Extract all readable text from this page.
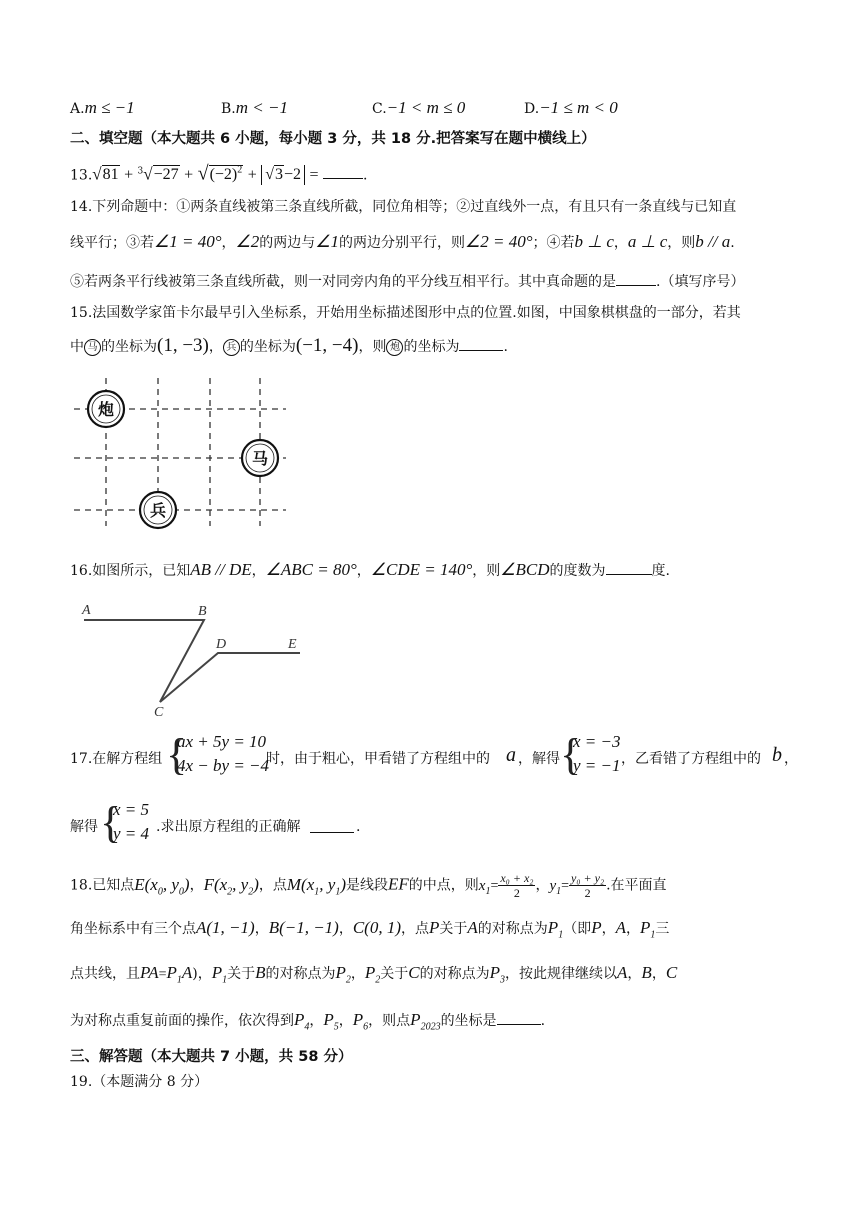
A.m ≤ −1	B.m < −1	C.−1 < m ≤ 0	D.−1 ≤ m < 0
二、填空题（本大题共 6 小题，每小题 3 分，共 18 分.把答案写在题中横线上）
$13.√81 + ^3√-27 + √(-2)^2 + √3-2$ =	.
14.下列命题中：①两条直线被第三条直线所截，同位角相等；②过直线外一点，有且只有一条直线与已知直
线平行；③若∠1 = 40°，∠2的两边与∠1的两边分别平行，则∠2 = 40°；④若b ⊥ c，a ⊥ c，则b // a.
⑤若两条平行线被第三条直线所截，则一对同旁内角的平分线互相平行。其中真命题的是	.（填写序号）
15.法国数学家笛卡尔最早引入坐标系，开始用坐标描述图形中点的位置.如图，中国象棋棋盘的一部分，若其
中 马 的坐标为(1, −3)， 兵 的坐标为(−1, −4)，则 炮 的坐标为	.
炮
马
兵
16.如图所示，已知AB // DE，∠ABC = 80°，∠CDE = 140°，则∠BCD的度数为	度.
A	B
C
D	E
17.在解方程组 {
ax + 5y = 10
4x − by = −4
时，由于粗心，甲看错了方程组中的 a ，解得 {
x = −3
y = −1 ，乙看错了方程组中的 b ，
解得 {
x = 5
y = 4 .求出原方程组的正确解	.
18.已知点$E(x_0$, $y_0$)，$F(x_2$, $y_2$)，点$M(x_1$, $y_1$)是线段EF的中点，则$x_1= \frac{\text{x₀ + x₂}}{2}$ ，$y_1= \frac{\text{y₀ + y₂}}{2}$ .在平面直
角坐标系中有三个点A(1, −1)，B(−1, −1)，C(0, 1)，点P关于A的对称点为$P_1$（即P，A，$P_1$三
点共线，且$PA=P_1A$)，$P_1$关于B的对称点为$P_2$，$P_2$关于C的对称点为$P_3$，按此规律继续以A，B，C
为对称点重复前面的操作，依次得到$P_4$，$P_5$，$P_6$，则点$P_{2023}$的坐标是	.
三、解答题（本大题共 7 小题，共 58 分）
19.（本题满分 8 分）
